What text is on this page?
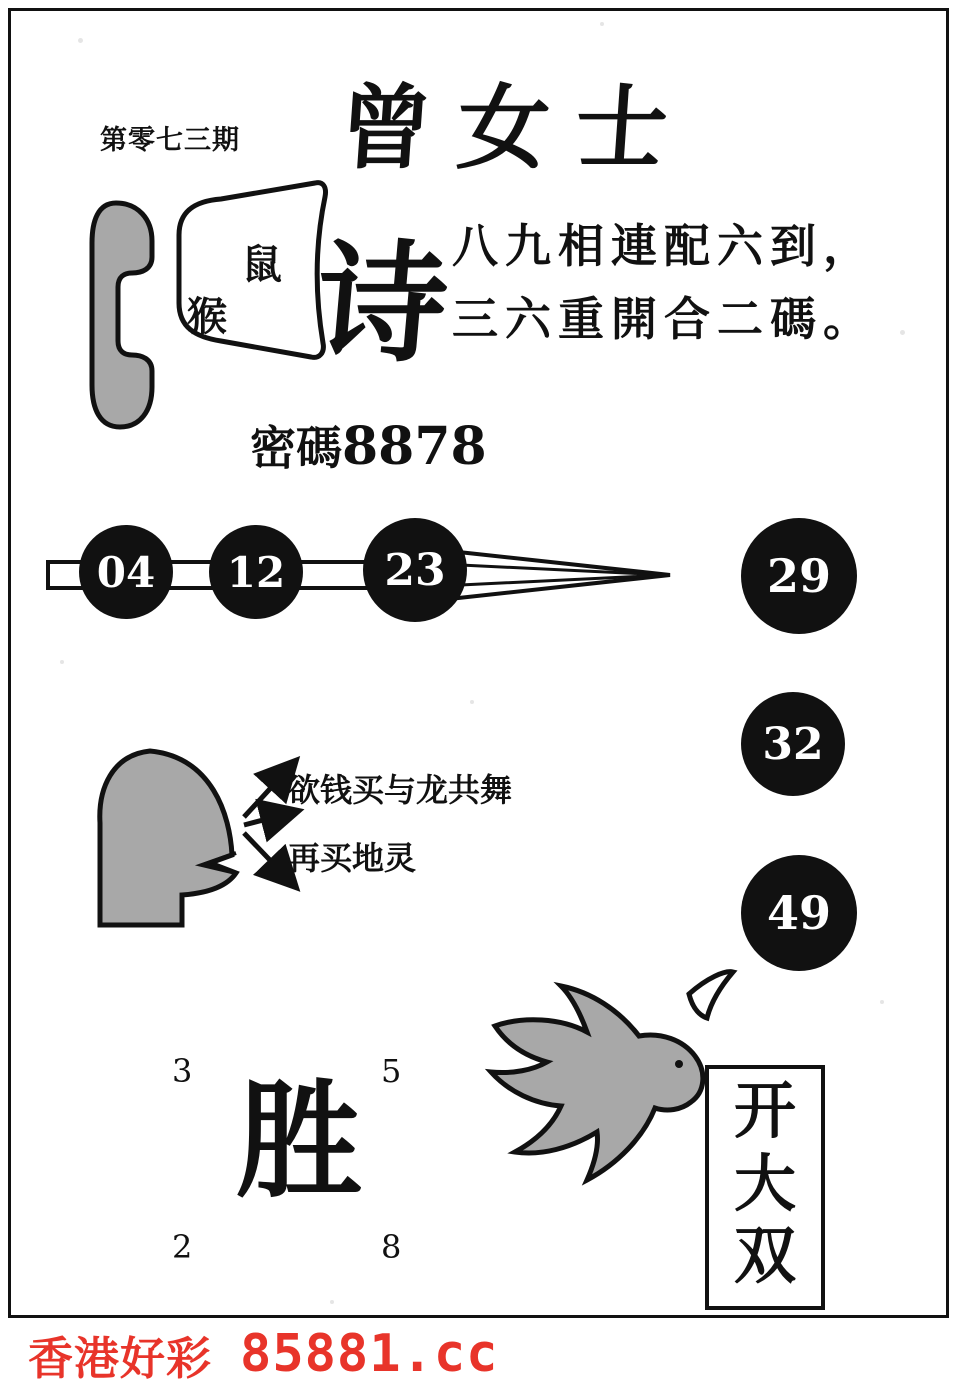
第零七三期 曾女士
鼠
猴 诗
八九相連配六到，
三六重開合二碼。
密碼8878
04	12	23	29
32
49
欲钱买与龙共舞
再买地灵
3	5
2	8
胜	开
大
双
香港好彩 85881.cc
